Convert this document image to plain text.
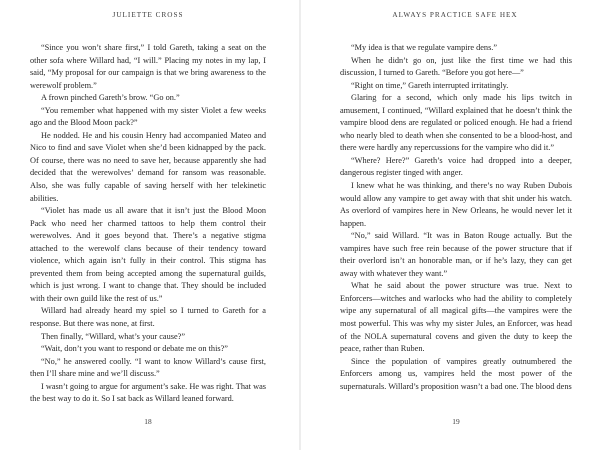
JULIETTE CROSS

“Since you won’t share first,” I told Gareth, taking a seat on the other sofa where Willard had, “I will.” Placing my notes in my lap, I said, “My proposal for our campaign is that we bring awareness to the werewolf problem.”

A frown pinched Gareth’s brow. “Go on.”

“You remember what happened with my sister Violet a few weeks ago and the Blood Moon pack?”

He nodded. He and his cousin Henry had accompanied Mateo and Nico to find and save Violet when she’d been kidnapped by the pack. Of course, there was no need to save her, because apparently she had decided that the werewolves’ demand for ransom was reasonable. Also, she was fully capable of saving herself with her telekinetic abilities.

“Violet has made us all aware that it isn’t just the Blood Moon Pack who need her charmed tattoos to help them control their werewolves. And it goes beyond that. There’s a negative stigma attached to the werewolf clans because of their tendency toward violence, which again isn’t fully in their control. This stigma has prevented them from being accepted among the supernatural guilds, which is just wrong. I want to change that. They should be included with their own guild like the rest of us.”

Willard had already heard my spiel so I turned to Gareth for a response. But there was none, at first.

Then finally, “Willard, what’s your cause?”

“Wait, don’t you want to respond or debate me on this?”

“No,” he answered coolly. “I want to know Willard’s cause first, then I’ll share mine and we’ll discuss.”

I wasn’t going to argue for argument’s sake. He was right. That was the best way to do it. So I sat back as Willard leaned forward.

18
ALWAYS PRACTICE SAFE HEX

“My idea is that we regulate vampire dens.”

When he didn’t go on, just like the first time we had this discussion, I turned to Gareth. “Before you got here—”

“Right on time,” Gareth interrupted irritatingly.

Glaring for a second, which only made his lips twitch in amusement, I continued, “Willard explained that he doesn’t think the vampire blood dens are regulated or policed enough. He had a friend who nearly bled to death when she consented to be a blood-host, and there were hardly any repercussions for the vampire who did it.”

“Where? Here?” Gareth’s voice had dropped into a deeper, dangerous register tinged with anger.

I knew what he was thinking, and there’s no way Ruben Dubois would allow any vampire to get away with that shit under his watch. As overlord of vampires here in New Orleans, he would never let it happen.

“No,” said Willard. “It was in Baton Rouge actually. But the vampires have such free rein because of the power structure that if their overlord isn’t an honorable man, or if he’s lazy, they can get away with whatever they want.”

What he said about the power structure was true. Next to Enforcers—witches and warlocks who had the ability to completely wipe any supernatural of all magical gifts—the vampires were the most powerful. This was why my sister Jules, an Enforcer, was head of the NOLA supernatural covens and given the duty to keep the peace, rather than Ruben.

Since the population of vampires greatly outnumbered the Enforcers among us, vampires held the most power of the supernaturals. Willard’s proposition wasn’t a bad one. The blood dens

19
